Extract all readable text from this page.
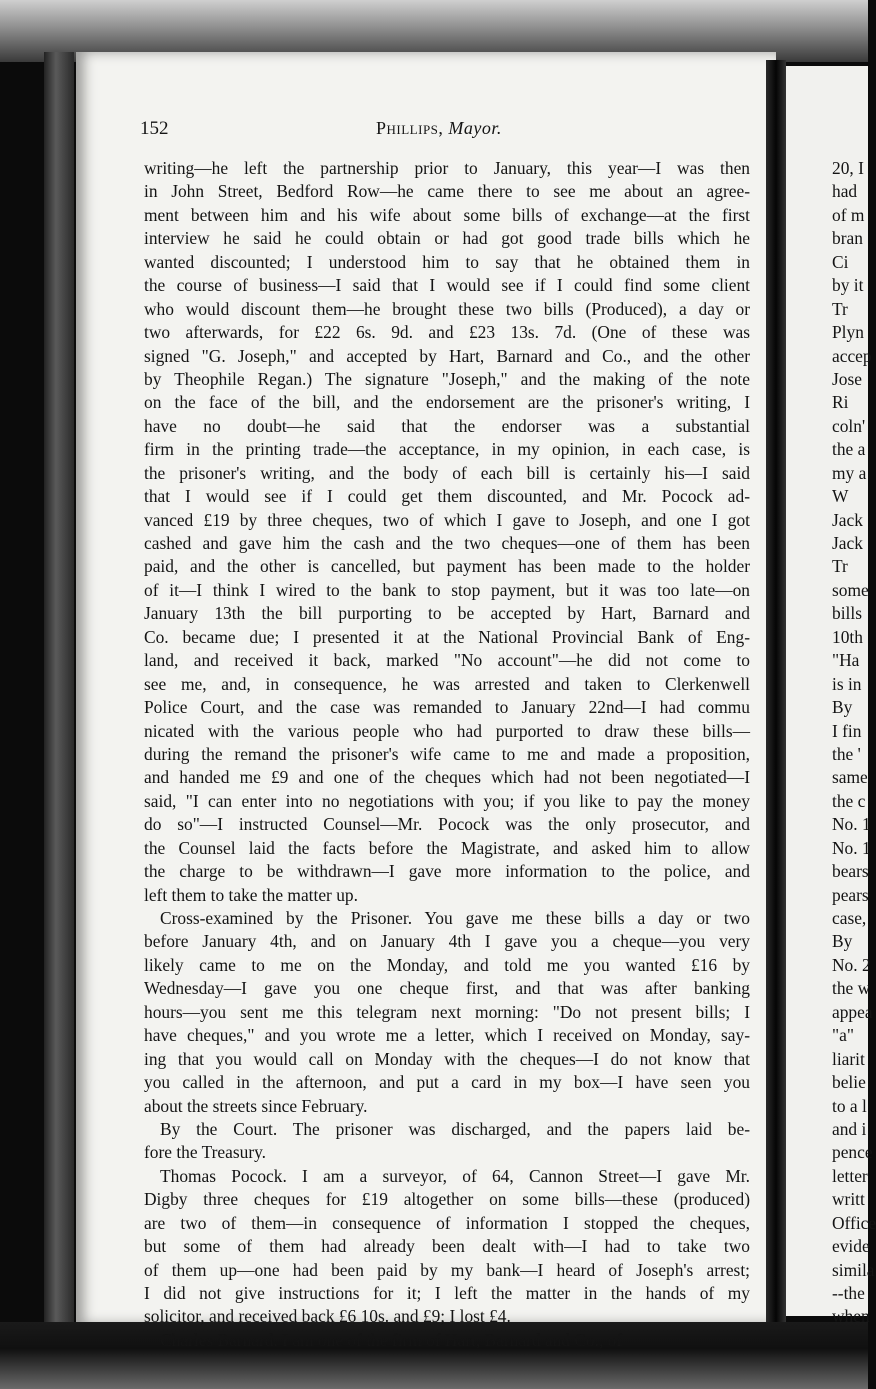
152	Phillips, Mayor.
writing—he left the partnership prior to January, this year—I was then
in John Street, Bedford Row—he came there to see me about an agree-
ment between him and his wife about some bills of exchange—at the first
interview he said he could obtain or had got good trade bills which he
wanted discounted; I understood him to say that he obtained them in
the course of business—I said that I would see if I could find some client
who would discount them—he brought these two bills (Produced), a day or
two afterwards, for £22 6s. 9d. and £23 13s. 7d. (One of these was
signed "G. Joseph," and accepted by Hart, Barnard and Co., and the other
by Theophile Regan.) The signature "Joseph," and the making of the note
on the face of the bill, and the endorsement are the prisoner's writing, I
have no doubt—he said that the endorser was a substantial
firm in the printing trade—the acceptance, in my opinion, in each case, is
the prisoner's writing, and the body of each bill is certainly his—I said
that I would see if I could get them discounted, and Mr. Pocock ad-
vanced £19 by three cheques, two of which I gave to Joseph, and one I got
cashed and gave him the cash and the two cheques—one of them has been
paid, and the other is cancelled, but payment has been made to the holder
of it—I think I wired to the bank to stop payment, but it was too late—on
January 13th the bill purporting to be accepted by Hart, Barnard and
Co. became due; I presented it at the National Provincial Bank of Eng-
land, and received it back, marked "No account"—he did not come to
see me, and, in consequence, he was arrested and taken to Clerkenwell
Police Court, and the case was remanded to January 22nd—I had commu
nicated with the various people who had purported to draw these bills—
during the remand the prisoner's wife came to me and made a proposition,
and handed me £9 and one of the cheques which had not been negotiated—I
said, "I can enter into no negotiations with you; if you like to pay the money
do so"—I instructed Counsel—Mr. Pocock was the only prosecutor, and
the Counsel laid the facts before the Magistrate, and asked him to allow
the charge to be withdrawn—I gave more information to the police, and
left them to take the matter up.
Cross-examined by the Prisoner. You gave me these bills a day or two
before January 4th, and on January 4th I gave you a cheque—you very
likely came to me on the Monday, and told me you wanted £16 by
Wednesday—I gave you one cheque first, and that was after banking
hours—you sent me this telegram next morning: "Do not present bills; I
have cheques," and you wrote me a letter, which I received on Monday, say-
ing that you would call on Monday with the cheques—I do not know that
you called in the afternoon, and put a card in my box—I have seen you
about the streets since February.
By the Court. The prisoner was discharged, and the papers laid be-
fore the Treasury.
Thomas Pocock. I am a surveyor, of 64, Cannon Street—I gave Mr.
Digby three cheques for £19 altogether on some bills—these (produced)
are two of them—in consequence of information I stopped the cheques,
but some of them had already been dealt with—I had to take two
of them up—one had been paid by my bank—I heard of Joseph's arrest;
I did not give instructions for it; I left the matter in the hands of my
solicitor, and received back £6 10s. and £9; I lost £4.
Charles Barnard. I am one of the firm of Hart, Barnard and Co., of
20, I
had
of m
bran
Ci
by it
Tr
Plyn
accep
Jose
Ri
coln'
the a
my a
W
Jack
Jack
Tr
some
bills
10th
"Ha
is in
By
I fin
the '
same
the c
No. 1
No. 1
bears
pears
case,
By
No. 2
the w
appea
"a"
liarit
belie
to a l
and i
pence
letter
writt
Office
evide
simila
--the
when
